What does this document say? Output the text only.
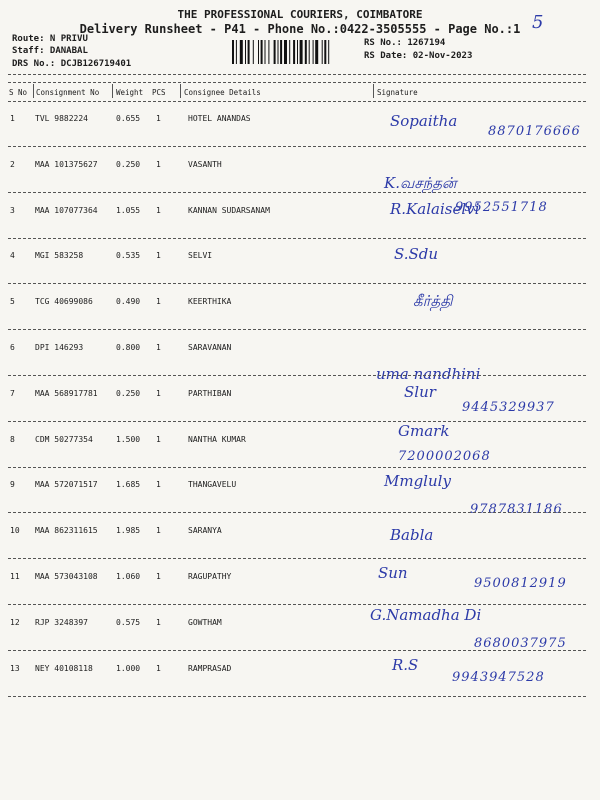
THE PROFESSIONAL COURIERS, COIMBATORE
Delivery Runsheet - P41 - Phone No.:0422-3505555 - Page No.:1
Route: N PRIVU
Staff: DANABAL
DRS No.: DCJB126719401
RS No.: 1267194
RS Date: 02-Nov-2023
5
S No Consignment No Weight PCS Consignee Details	Signature
1	TVL 9882224	0.655 1	HOTEL ANANDAS	Sopaitha
8870176666
2	MAA 101375627 0.250 1	VASANTH
K.வசந்தன்
9952551718
3	MAA 107077364 1.055 1	KANNAN SUDARSANAM	R.Kalaiselvi
4	MGI 583258	0.535 1	SELVI	S.Sdu
5	TCG 40699086	0.490 1	KEERTHIKA	கீர்த்தி
6	DPI 146293	0.800 1	SARAVANAN
uma nandhini
7	MAA 568917781 0.250 1	PARTHIBAN	Slur
9445329937
8	CDM 50277354	1.500 1	NANTHA KUMAR	Gmark
7200002068
9	MAA 572071517 1.685 1	THANGAVELU	Mmgluly
9787831186
10 MAA 862311615 1.985 1	SARANYA	Babla
11 MAA 573043108 1.060 1	RAGUPATHY	Sun
9500812919
12 RJP 3248397	0.575 1	GOWTHAM	G.Namadha Di
8680037975
13 NEY 40108118	1.000 1	RAMPRASAD	R.S
9943947528
